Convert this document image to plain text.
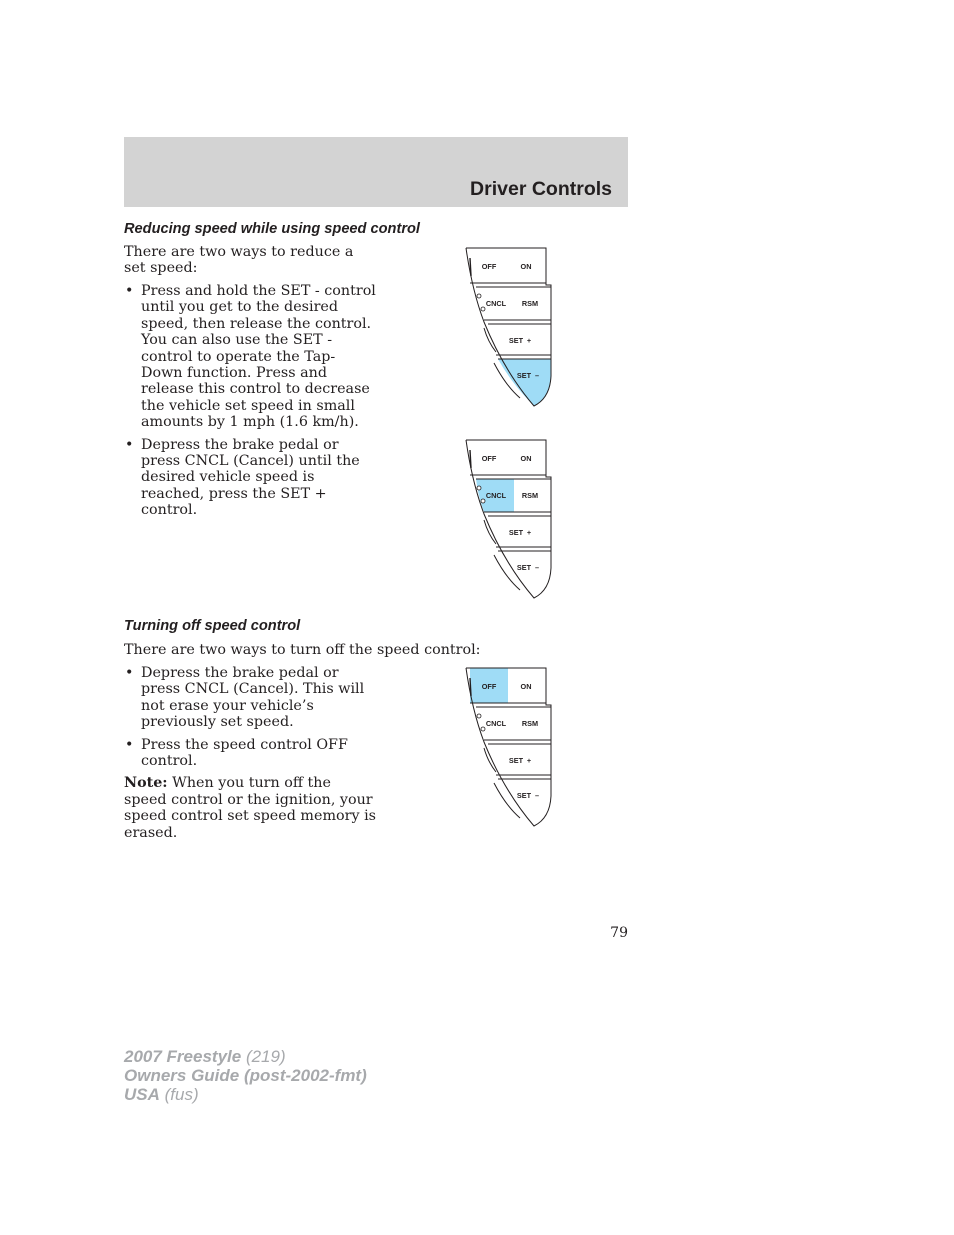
Driver Controls
Reducing speed while using speed control

There are two ways to reduce a set speed:

• Press and hold the SET - control until you get to the desired speed, then release the control. You can also use the SET - control to operate the Tap-Down function. Press and release this control to decrease the vehicle set speed in small amounts by 1 mph (1.6 km/h).

• Depress the brake pedal or press CNCL (Cancel) until the desired vehicle speed is reached, press the SET + control.

Turning off speed control

There are two ways to turn off the speed control:

• Depress the brake pedal or press CNCL (Cancel). This will not erase your vehicle’s previously set speed.

• Press the speed control OFF control.

Note: When you turn off the speed control or the ignition, your speed control set speed memory is erased.

OFF	ON
CNCL RSM
SET +
SET –
OFF	ON
CNCL RSM
SET +
SET –
OFF	ON
CNCL RSM
SET +
SET –
79
2007 Freestyle (219)
Owners Guide (post-2002-fmt)
USA (fus)
